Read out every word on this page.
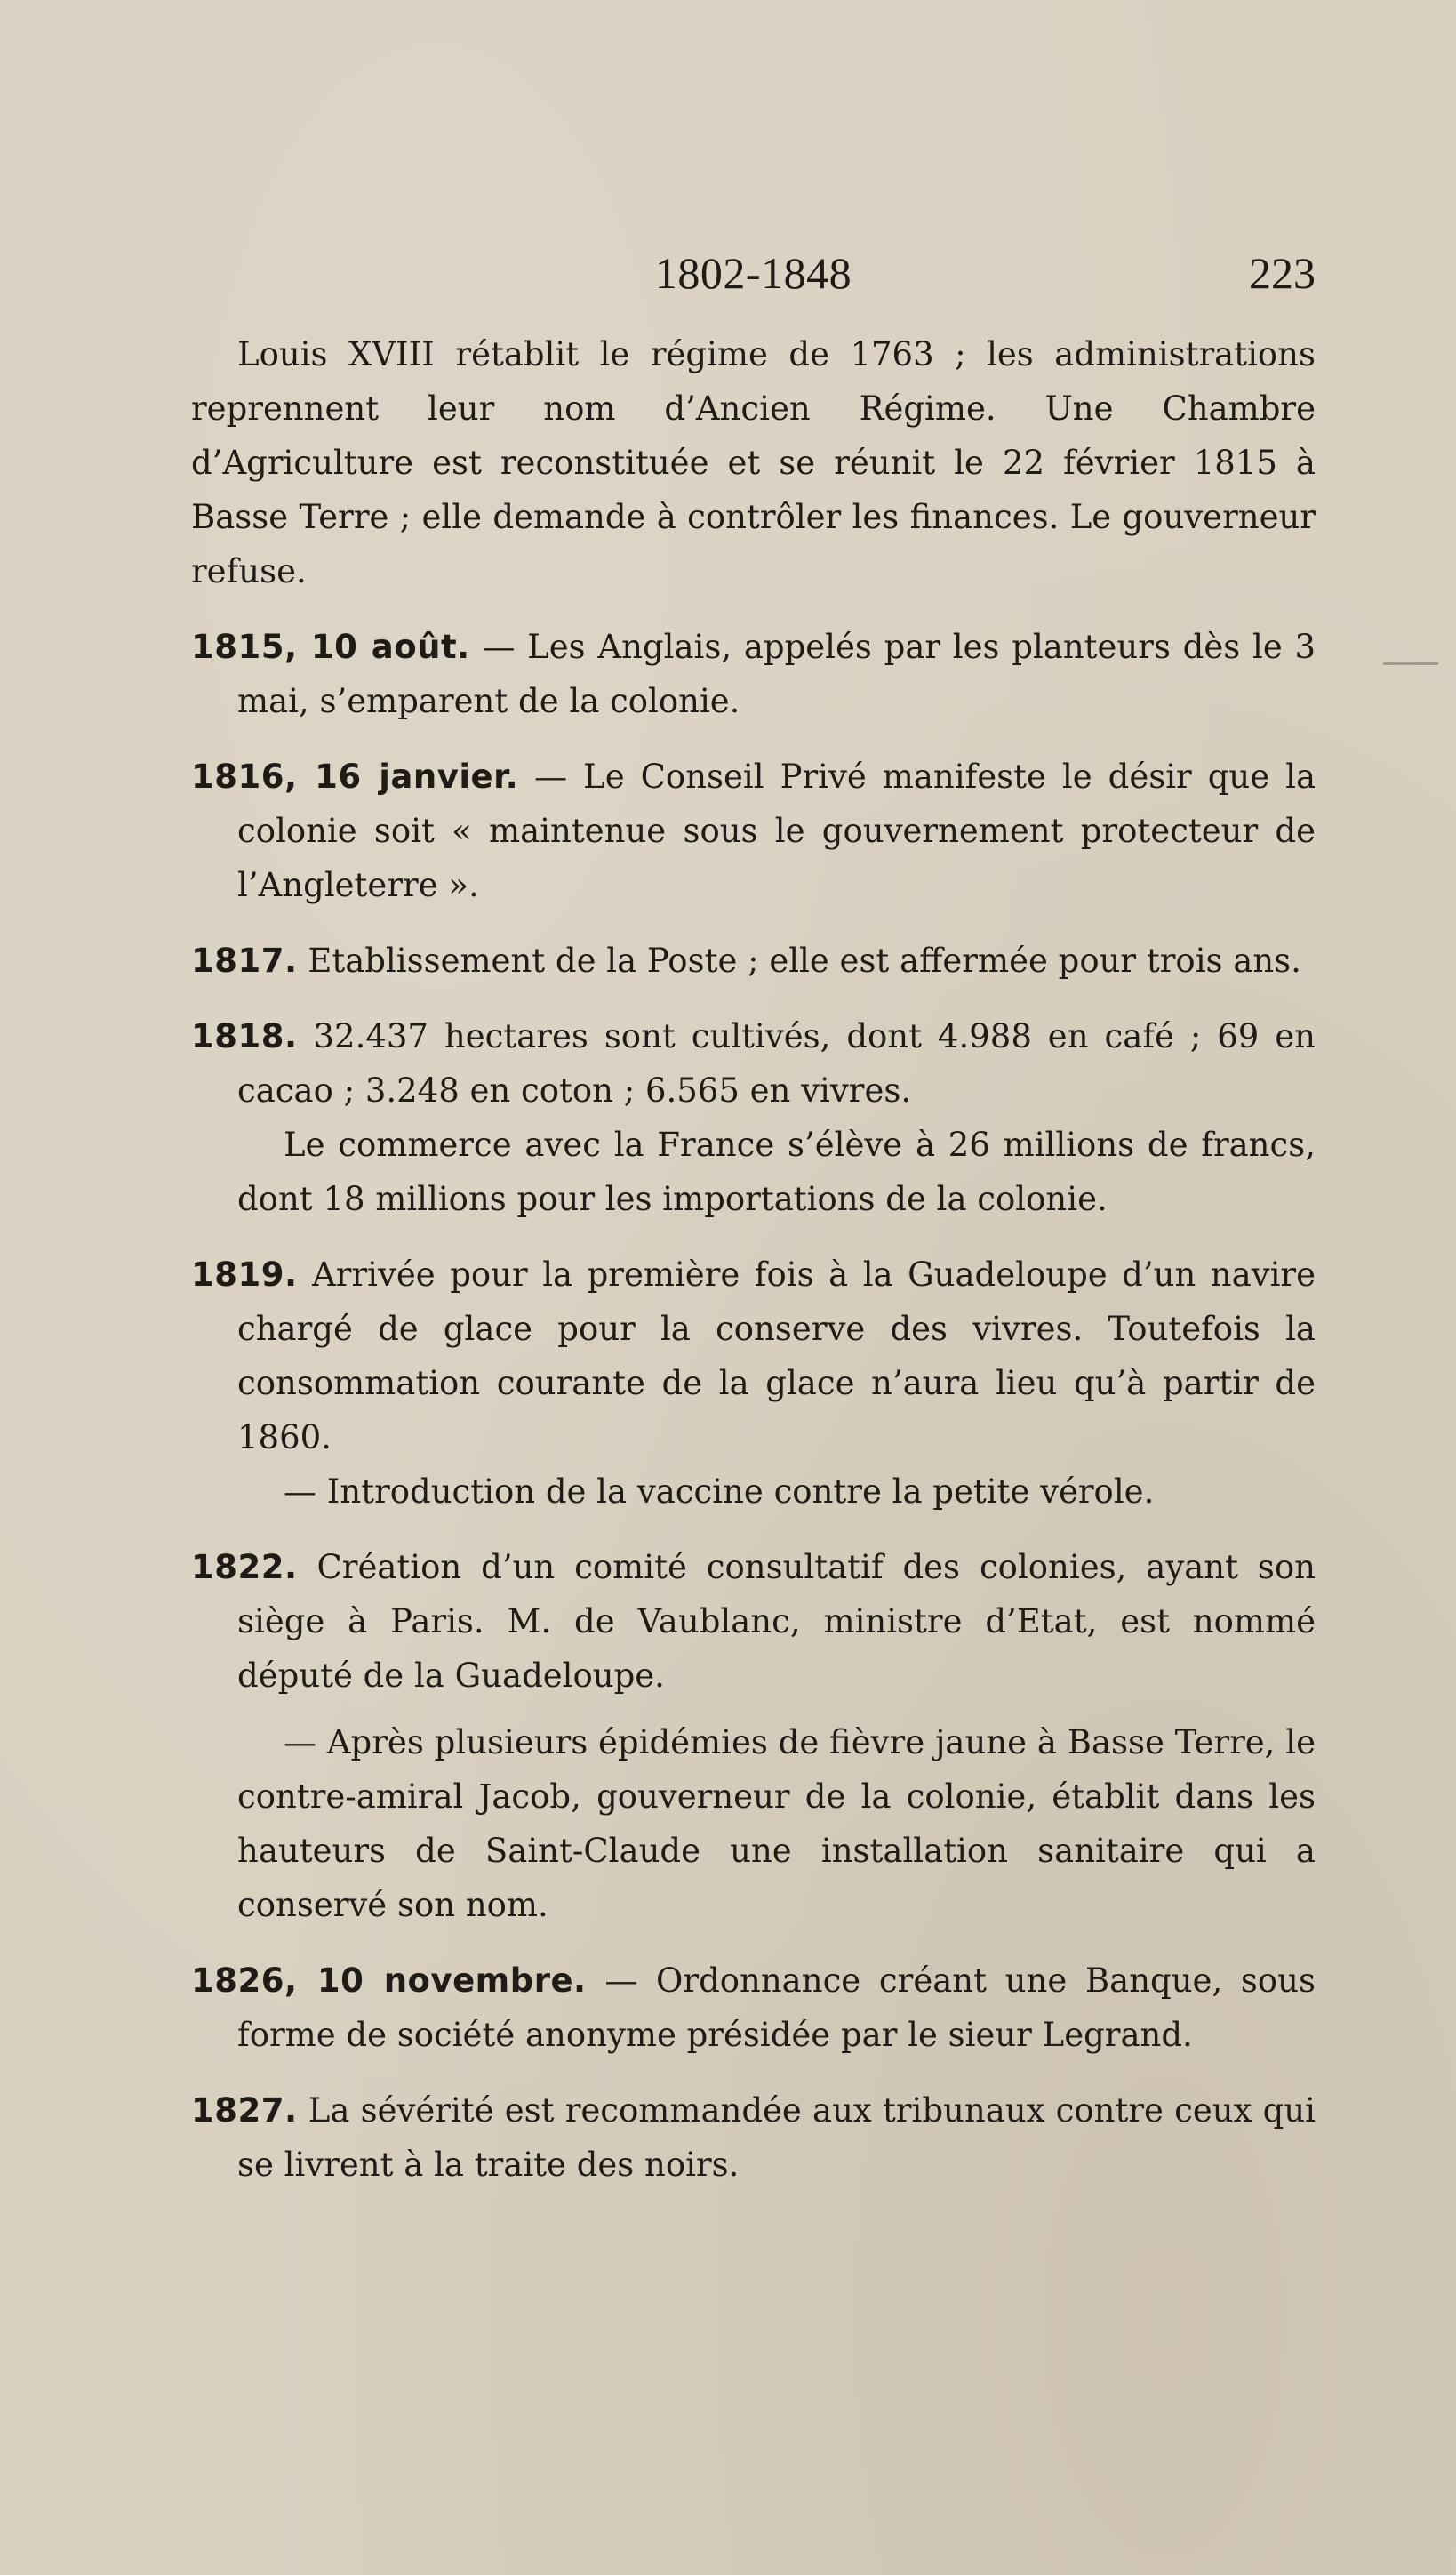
1802-1848	223

Louis XVIII rétablit le régime de 1763 ; les administrations reprennent leur nom d’Ancien Régime. Une Chambre d’Agriculture est reconstituée et se réunit le 22 février 1815 à Basse Terre ; elle demande à contrôler les finances. Le gouverneur refuse.

1815, 10 août. — Les Anglais, appelés par les planteurs dès le 3 mai, s’emparent de la colonie.

1816, 16 janvier. — Le Conseil Privé manifeste le désir que la colonie soit « maintenue sous le gouvernement protecteur de l’Angleterre ».

1817. Etablissement de la Poste ; elle est affermée pour trois ans.

1818. 32.437 hectares sont cultivés, dont 4.988 en café ; 69 en cacao ; 3.248 en coton ; 6.565 en vivres.

Le commerce avec la France s’élève à 26 millions de francs, dont 18 millions pour les importations de la colonie.

1819. Arrivée pour la première fois à la Guadeloupe d’un navire chargé de glace pour la conserve des vivres. Toutefois la consommation courante de la glace n’aura lieu qu’à partir de 1860.

— Introduction de la vaccine contre la petite vérole.

1822. Création d’un comité consultatif des colonies, ayant son siège à Paris. M. de Vaublanc, ministre d’Etat, est nommé député de la Guadeloupe.

— Après plusieurs épidémies de fièvre jaune à Basse Terre, le contre-amiral Jacob, gouverneur de la colonie, établit dans les hauteurs de Saint-Claude une installation sanitaire qui a conservé son nom.

1826, 10 novembre. — Ordonnance créant une Banque, sous forme de société anonyme présidée par le sieur Legrand.

1827. La sévérité est recommandée aux tribunaux contre ceux qui se livrent à la traite des noirs.
